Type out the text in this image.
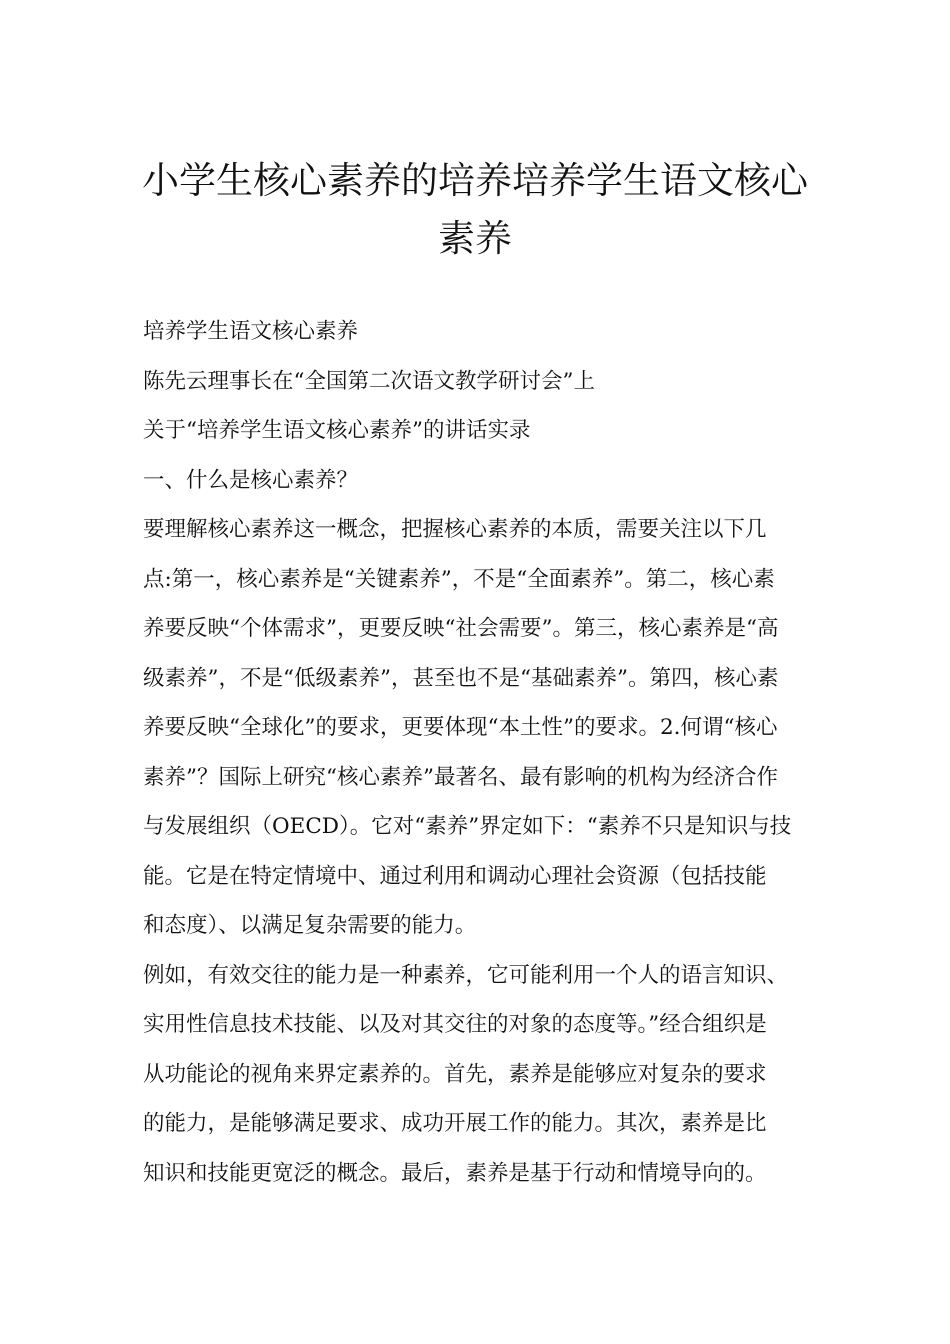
小学生核心素养的培养培养学生语文核心
素养

培养学生语文核心素养

陈先云理事长在“全国第二次语文教学研讨会”上

关于“培养学生语文核心素养”的讲话实录

一、什么是核心素养？

要理解核心素养这一概念，把握核心素养的本质，需要关注以下几
点:第一，核心素养是“关键素养”，不是“全面素养”。第二，核心素
养要反映“个体需求”，更要反映“社会需要”。第三，核心素养是“高
级素养”，不是“低级素养”，甚至也不是“基础素养”。第四，核心素
养要反映“全球化”的要求，更要体现“本土性”的要求。2.何谓“核心
素养”？国际上研究“核心素养”最著名、最有影响的机构为经济合作
与发展组织（OECD）。它对“素养”界定如下：“素养不只是知识与技
能。它是在特定情境中、通过利用和调动心理社会资源（包括技能
和态度）、以满足复杂需要的能力。

例如，有效交往的能力是一种素养，它可能利用一个人的语言知识、
实用性信息技术技能、以及对其交往的对象的态度等。”经合组织是
从功能论的视角来界定素养的。首先，素养是能够应对复杂的要求
的能力，是能够满足要求、成功开展工作的能力。其次，素养是比
知识和技能更宽泛的概念。最后，素养是基于行动和情境导向的。
